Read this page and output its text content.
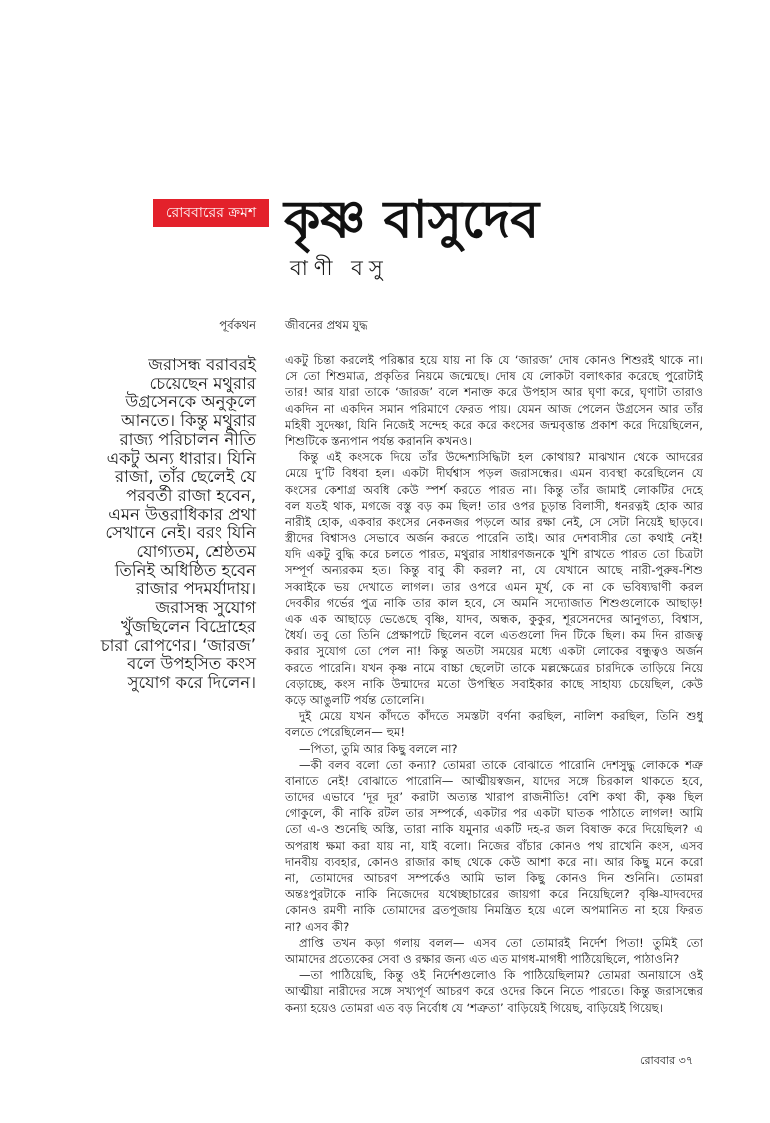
রোববারের ক্রমশ কৃষ্ণ বাসুদেব
বাণী বসু
পূর্বকথন	জীবনের প্রথম যুদ্ধ
জরাসন্ধ বরাবরই
চেয়েছেন মথুরার
উগ্রসেনকে অনুকূলে
আনতে। কিন্তু মথুরার
রাজ্য পরিচালন নীতি
একটু অন্য ধারার। যিনি
রাজা, তাঁর ছেলেই যে
পরবর্তী রাজা হবেন,
এমন উত্তরাধিকার প্রথা
সেখানে নেই। বরং যিনি
যোগ্যতম, শ্রেষ্ঠতম
তিনিই অধিষ্ঠিত হবেন
রাজার পদমর্যাদায়।
জরাসন্ধ সুযোগ
খুঁজছিলেন বিদ্রোহের
চারা রোপণের। ‘জারজ’
বলে উপহসিত কংস
সুযোগ করে দিলেন।
একটু চিন্তা করলেই পরিষ্কার হয়ে যায় না কি যে ‘জারজ’ দোষ কোনও শিশুরই থাকে না।
সে তো শিশুমাত্র, প্রকৃতির নিয়মে জন্মেছে। দোষ যে লোকটা বলাৎকার করেছে পুরোটাই
তার! আর যারা তাকে ‘জারজ’ বলে শনাক্ত করে উপহাস আর ঘৃণা করে, ঘৃণাটা তারাও
একদিন না একদিন সমান পরিমাণে ফেরত পায়। যেমন আজ পেলেন উগ্রসেন আর তাঁর
মহিষী সুদেষ্ণা, যিনি নিজেই সন্দেহ করে করে কংসের জন্মবৃত্তান্ত প্রকাশ করে দিয়েছিলেন,
শিশুটিকে স্তন্যপান পর্যন্ত করাননি কখনও।
কিন্তু এই কংসকে দিয়ে তাঁর উদ্দেশ্যসিদ্ধিটা হল কোথায়? মাঝখান থেকে আদরের
মেয়ে দু’টি বিধবা হল। একটা দীর্ঘশ্বাস পড়ল জরাসন্ধের। এমন ব্যবস্থা করেছিলেন যে
কংসের কেশাগ্র অবধি কেউ স্পর্শ করতে পারত না। কিন্তু তাঁর জামাই লোকটির দেহে
বল যতই থাক, মগজে বস্তু বড় কম ছিল! তার ওপর চূড়ান্ত বিলাসী, ধনরত্নই হোক আর
নারীই হোক, একবার কংসের নেকনজর পড়লে আর রক্ষা নেই, সে সেটা নিয়েই ছাড়বে।
স্ত্রীদের বিশ্বাসও সেভাবে অর্জন করতে পারেনি তাই। আর দেশবাসীর তো কথাই নেই!
যদি একটু বুদ্ধি করে চলতে পারত, মথুরার সাধারণজনকে খুশি রাখতে পারত তো চিত্রটা
সম্পূর্ণ অন্যরকম হত। কিন্তু বাবু কী করল? না, যে যেখানে আছে নারী-পুরুষ-শিশু
সব্বাইকে ভয় দেখাতে লাগল। তার ওপরে এমন মূর্খ, কে না কে ভবিষ্যদ্বাণী করল
দেবকীর গর্ভের পুত্র নাকি তার কাল হবে, সে অমনি সদ্যোজাত শিশুগুলোকে আছাড়!
এক এক আছাড়ে ভেঙেছে বৃষ্ণি, যাদব, অন্ধক, কুকুর, শূরসেনদের আনুগত্য, বিশ্বাস,
ধৈর্য। তবু তো তিনি প্রেক্ষাপটে ছিলেন বলে এতগুলো দিন টিকে ছিল। কম দিন রাজত্ব
করার সুযোগ তো পেল না! কিন্তু অতটা সময়ের মধ্যে একটা লোকের বন্ধুত্বও অর্জন
করতে পারেনি। যখন কৃষ্ণ নামে বাচ্চা ছেলেটা তাকে মল্লক্ষেত্রের চারদিকে তাড়িয়ে নিয়ে
বেড়াচ্ছে, কংস নাকি উন্মাদের মতো উপস্থিত সবাইকার কাছে সাহায্য চেয়েছিল, কেউ
কড়ে আঙুলটি পর্যন্ত তোলেনি।
দুই মেয়ে যখন কাঁদতে কাঁদতে সমস্তটা বর্ণনা করছিল, নালিশ করছিল, তিনি শুধু
বলতে পেরেছিলেন— হুম!
—পিতা, তুমি আর কিছু বললে না?
—কী বলব বলো তো কন্যা? তোমরা তাকে বোঝাতে পারোনি দেশসুদ্ধু লোককে শত্রু
বানাতে নেই! বোঝাতে পারোনি— আত্মীয়স্বজন, যাদের সঙ্গে চিরকাল থাকতে হবে,
তাদের এভাবে ‘দূর দূর’ করাটা অত্যন্ত খারাপ রাজনীতি! বেশি কথা কী, কৃষ্ণ ছিল
গোকুলে, কী নাকি রটল তার সম্পর্কে, একটার পর একটা ঘাতক পাঠাতে লাগল! আমি
তো এ-ও শুনেছি অস্তি, তারা নাকি যমুনার একটি দহ-র জল বিষাক্ত করে দিয়েছিল? এ
অপরাধ ক্ষমা করা যায় না, যাই বলো। নিজের বাঁচার কোনও পথ রাখেনি কংস, এসব
দানবীয় ব্যবহার, কোনও রাজার কাছ থেকে কেউ আশা করে না। আর কিছু মনে করো
না, তোমাদের আচরণ সম্পর্কেও আমি ভাল কিছু কোনও দিন শুনিনি। তোমরা
অন্তঃপুরটাকে নাকি নিজেদের যথেচ্ছাচারের জায়গা করে নিয়েছিলে? বৃষ্ণি-যাদবদের
কোনও রমণী নাকি তোমাদের ব্রতপূজায় নিমন্ত্রিত হয়ে এলে অপমানিত না হয়ে ফিরত
না? এসব কী?
প্রাপ্তি তখন কড়া গলায় বলল— এসব তো তোমারই নির্দেশ পিতা! তুমিই তো
আমাদের প্রত্যেকের সেবা ও রক্ষার জন্য এত এত মাগধ-মাগধী পাঠিয়েছিলে, পাঠাওনি?
—তা পাঠিয়েছি, কিন্তু ওই নির্দেশগুলোও কি পাঠিয়েছিলাম? তোমরা অনায়াসে ওই
আত্মীয়া নারীদের সঙ্গে সখ্যপূর্ণ আচরণ করে ওদের কিনে নিতে পারতে। কিন্তু জরাসন্ধের
কন্যা হয়েও তোমরা এত বড় নির্বোধ যে ‘শত্রুতা’ বাড়িয়েই গিয়েছ, বাড়িয়েই গিয়েছ।
রোববার ৩৭
